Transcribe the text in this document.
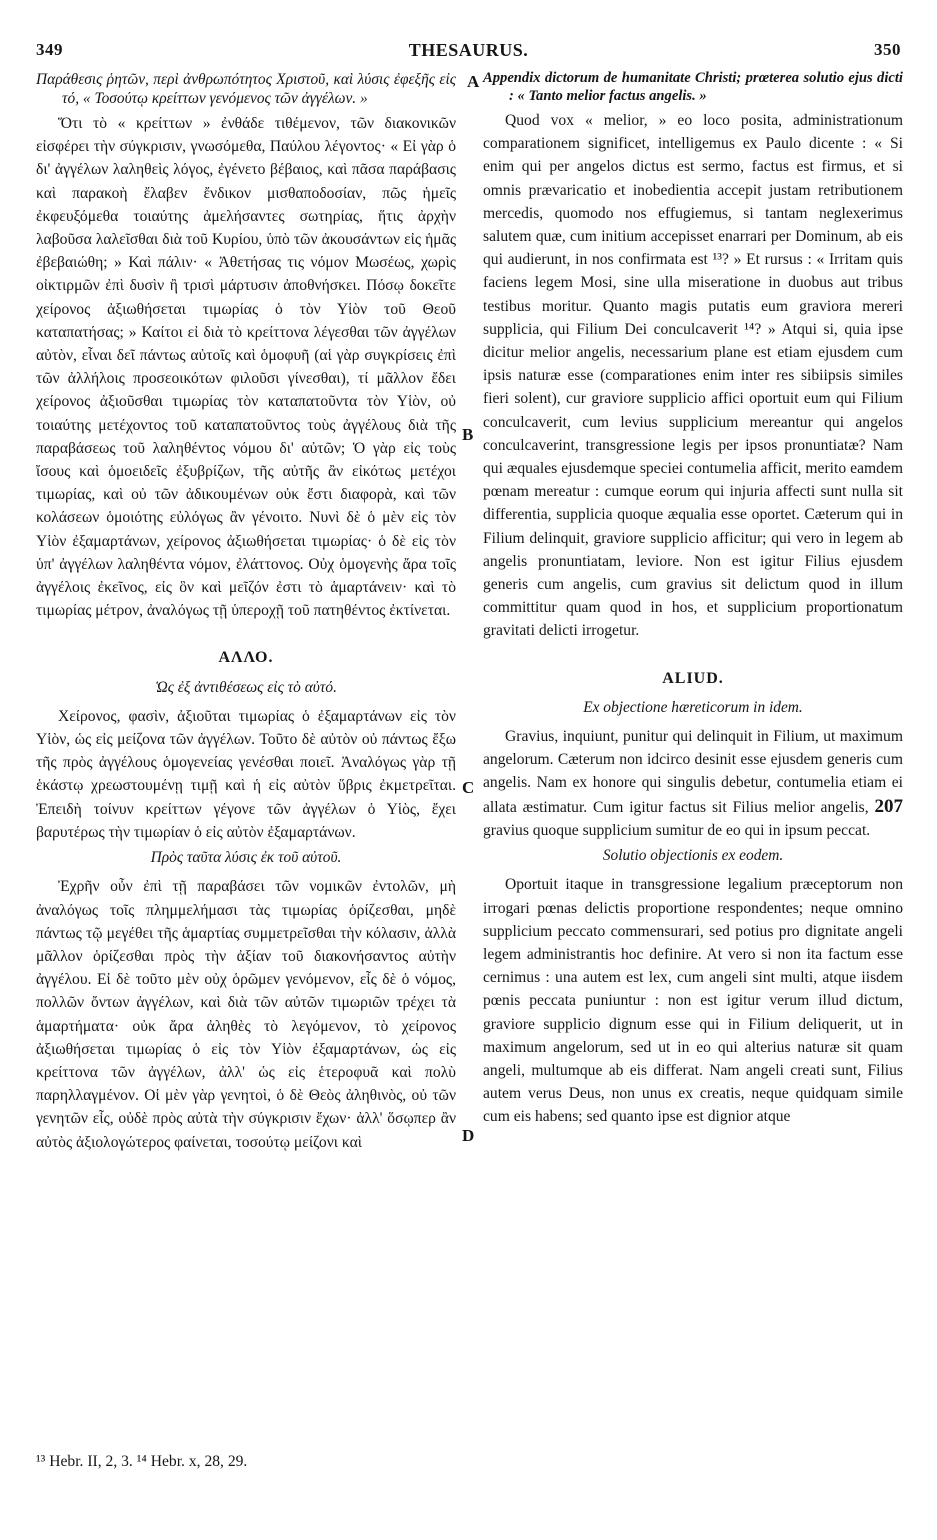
349	THESAURUS.	350

Παράθεσις ῥητῶν, περὶ ἀνθρωπότητος Χριστοῦ, καὶ λύσις ἐφεξῆς εἰς τό, « Τοσούτῳ κρείττων γενόμενος τῶν ἀγγέλων. »

Ὅτι τὸ « κρείττων » ἐνθάδε τιθέμενον, τῶν διακονικῶν εἰσφέρει τὴν σύγκρισιν, γνωσόμεθα, Παύλου λέγοντος· « Εἰ γὰρ ὁ δι' ἀγγέλων λαληθεὶς λόγος, ἐγένετο βέβαιος, καὶ πᾶσα παράβασις καὶ παρακοὴ ἔλαβεν ἔνδικον μισθαποδοσίαν, πῶς ἡμεῖς ἐκφευξόμεθα τοιαύτης ἀμελήσαντες σωτηρίας, ἥτις ἀρχὴν λαβοῦσα λαλεῖσθαι διὰ τοῦ Κυρίου, ὑπὸ τῶν ἀκουσάντων εἰς ἡμᾶς ἐβεβαιώθη; » Καὶ πάλιν· « Ἀθετήσας τις νόμον Μωσέως, χωρὶς οἰκτιρμῶν ἐπὶ δυσὶν ἢ τρισὶ μάρτυσιν ἀποθνήσκει. Πόσῳ δοκεῖτε χείρονος ἀξιωθήσεται τιμωρίας ὁ τὸν Υἱὸν τοῦ Θεοῦ καταπατήσας; » Καίτοι εἰ διὰ τὸ κρείττονα λέγεσθαι τῶν ἀγγέλων αὐτὸν, εἶναι δεῖ πάντως αὐτοῖς καὶ ὁμοφυῆ (αἱ γὰρ συγκρίσεις ἐπὶ τῶν ἀλλήλοις προσεοικότων φιλοῦσι γίνεσθαι), τί μᾶλλον ἔδει χείρονος ἀξιοῦσθαι τιμωρίας τὸν καταπατοῦντα τὸν Υἱὸν, οὐ τοιαύτης μετέχοντος τοῦ καταπατοῦντος τοὺς ἀγγέλους διὰ τῆς παραβάσεως τοῦ λαληθέντος νόμου δι' αὐτῶν; Ὁ γὰρ εἰς τοὺς ἴσους καὶ ὁμοειδεῖς ἐξυβρίζων, τῆς αὐτῆς ἂν εἰκότως μετέχοι τιμωρίας, καὶ οὐ τῶν ἀδικουμένων οὐκ ἔστι διαφορὰ, καὶ τῶν κολάσεων ὁμοιότης εὐλόγως ἂν γένοιτο. Νυνὶ δὲ ὁ μὲν εἰς τὸν Υἱὸν ἐξαμαρτάνων, χείρονος ἀξιωθήσεται τιμωρίας· ὁ δὲ εἰς τὸν ὑπ' ἀγγέλων λαληθέντα νόμον, ἐλάττονος. Οὐχ ὁμογενὴς ἄρα τοῖς ἀγγέλοις ἐκεῖνος, εἰς ὃν καὶ μεῖζόν ἐστι τὸ ἁμαρτάνειν· καὶ τὸ τιμωρίας μέτρον, ἀναλόγως τῇ ὑπεροχῇ τοῦ πατηθέντος ἐκτίνεται.

ΑΛΛΟ.

Ὡς ἐξ ἀντιθέσεως εἰς τὸ αὐτό.

Χείρονος, φασὶν, ἀξιοῦται τιμωρίας ὁ ἐξαμαρτάνων εἰς τὸν Υἱὸν, ὡς εἰς μείζονα τῶν ἀγγέλων. Τοῦτο δὲ αὐτὸν οὐ πάντως ἔξω τῆς πρὸς ἀγγέλους ὁμογενείας γενέσθαι ποιεῖ. Ἀναλόγως γὰρ τῇ ἑκάστῳ χρεωστουμένῃ τιμῇ καὶ ἡ εἰς αὐτὸν ὕβρις ἐκμετρεῖται. Ἐπειδὴ τοίνυν κρείττων γέγονε τῶν ἀγγέλων ὁ Υἱὸς, ἔχει βαρυτέρως τὴν τιμωρίαν ὁ εἰς αὐτὸν ἐξαμαρτάνων.

Πρὸς ταῦτα λύσις ἐκ τοῦ αὐτοῦ.

Ἐχρῆν οὖν ἐπὶ τῇ παραβάσει τῶν νομικῶν ἐντολῶν, μὴ ἀναλόγως τοῖς πλημμελήμασι τὰς τιμωρίας ὁρίζεσθαι, μηδὲ πάντως τῷ μεγέθει τῆς ἁμαρτίας συμμετρεῖσθαι τὴν κόλασιν, ἀλλὰ μᾶλλον ὁρίζεσθαι πρὸς τὴν ἀξίαν τοῦ διακονήσαντος αὐτὴν ἀγγέλου. Εἰ δὲ τοῦτο μὲν οὐχ ὁρῶμεν γενόμενον, εἷς δὲ ὁ νόμος, πολλῶν ὄντων ἀγγέλων, καὶ διὰ τῶν αὐτῶν τιμωριῶν τρέχει τὰ ἁμαρτήματα· οὐκ ἄρα ἀληθὲς τὸ λεγόμενον, τὸ χείρονος ἀξιωθήσεται τιμωρίας ὁ εἰς τὸν Υἱὸν ἐξαμαρτάνων, ὡς εἰς κρείττονα τῶν ἀγγέλων, ἀλλ' ὡς εἰς ἑτεροφυᾶ καὶ πολὺ παρηλλαγμένον. Οἱ μὲν γὰρ γενητοὶ, ὁ δὲ Θεὸς ἀληθινὸς, οὐ τῶν γενητῶν εἷς, οὐδὲ πρὸς αὐτὰ τὴν σύγκρισιν ἔχων· ἀλλ' ὅσῳπερ ἂν αὐτὸς ἀξιολογώτερος φαίνεται, τοσούτῳ μείζονι καὶ

A
B
C
D

Appendix dictorum de humanitate Christi; prœterea solutio ejus dicti : « Tanto melior factus angelis. »

Quod vox « melior, » eo loco posita, administrationum comparationem significet, intelligemus ex Paulo dicente : « Si enim qui per angelos dictus est sermo, factus est firmus, et si omnis prævaricatio et inobedientia accepit justam retributionem mercedis, quomodo nos effugiemus, si tantam neglexerimus salutem quæ, cum initium accepisset enarrari per Dominum, ab eis qui audierunt, in nos confirmata est ¹³? » Et rursus : « Irritam quis faciens legem Mosi, sine ulla miseratione in duobus aut tribus testibus moritur. Quanto magis putatis eum graviora mereri supplicia, qui Filium Dei conculcaverit ¹⁴? » Atqui si, quia ipse dicitur melior angelis, necessarium plane est etiam ejusdem cum ipsis naturæ esse (comparationes enim inter res sibiipsis similes fieri solent), cur graviore supplicio affici oportuit eum qui Filium conculcaverit, cum levius supplicium mereantur qui angelos conculcaverint, transgressione legis per ipsos pronuntiatæ? Nam qui æquales ejusdemque speciei contumelia afficit, merito eamdem pœnam mereatur : cumque eorum qui injuria affecti sunt nulla sit differentia, supplicia quoque æqualia esse oportet. Cæterum qui in Filium delinquit, graviore supplicio afficitur; qui vero in legem ab angelis pronuntiatam, leviore. Non est igitur Filius ejusdem generis cum angelis, cum gravius sit delictum quod in illum committitur quam quod in hos, et supplicium proportionatum gravitati delicti irrogetur.

ALIUD.

Ex objectione hæreticorum in idem.

Gravius, inquiunt, punitur qui delinquit in Filium, ut maximum angelorum. Cæterum non idcirco desinit esse ejusdem generis cum angelis. Nam ex honore qui singulis debetur, contumelia etiam ei allata æstimatur. Cum igitur factus sit Filius melior angelis, 207 gravius quoque supplicium sumitur de eo qui in ipsum peccat.

Solutio objectionis ex eodem.

Oportuit itaque in transgressione legalium præceptorum non irrogari pœnas delictis proportione respondentes; neque omnino supplicium peccato commensurari, sed potius pro dignitate angeli legem administrantis hoc definire. At vero si non ita factum esse cernimus : una autem est lex, cum angeli sint multi, atque iisdem pœnis peccata puniuntur : non est igitur verum illud dictum, graviore supplicio dignum esse qui in Filium deliquerit, ut in maximum angelorum, sed ut in eo qui alterius naturæ sit quam angeli, multumque ab eis differat. Nam angeli creati sunt, Filius autem verus Deus, non unus ex creatis, neque quidquam simile cum eis habens; sed quanto ipse est dignior atque

¹³ Hebr. II, 2, 3. ¹⁴ Hebr. x, 28, 29.
